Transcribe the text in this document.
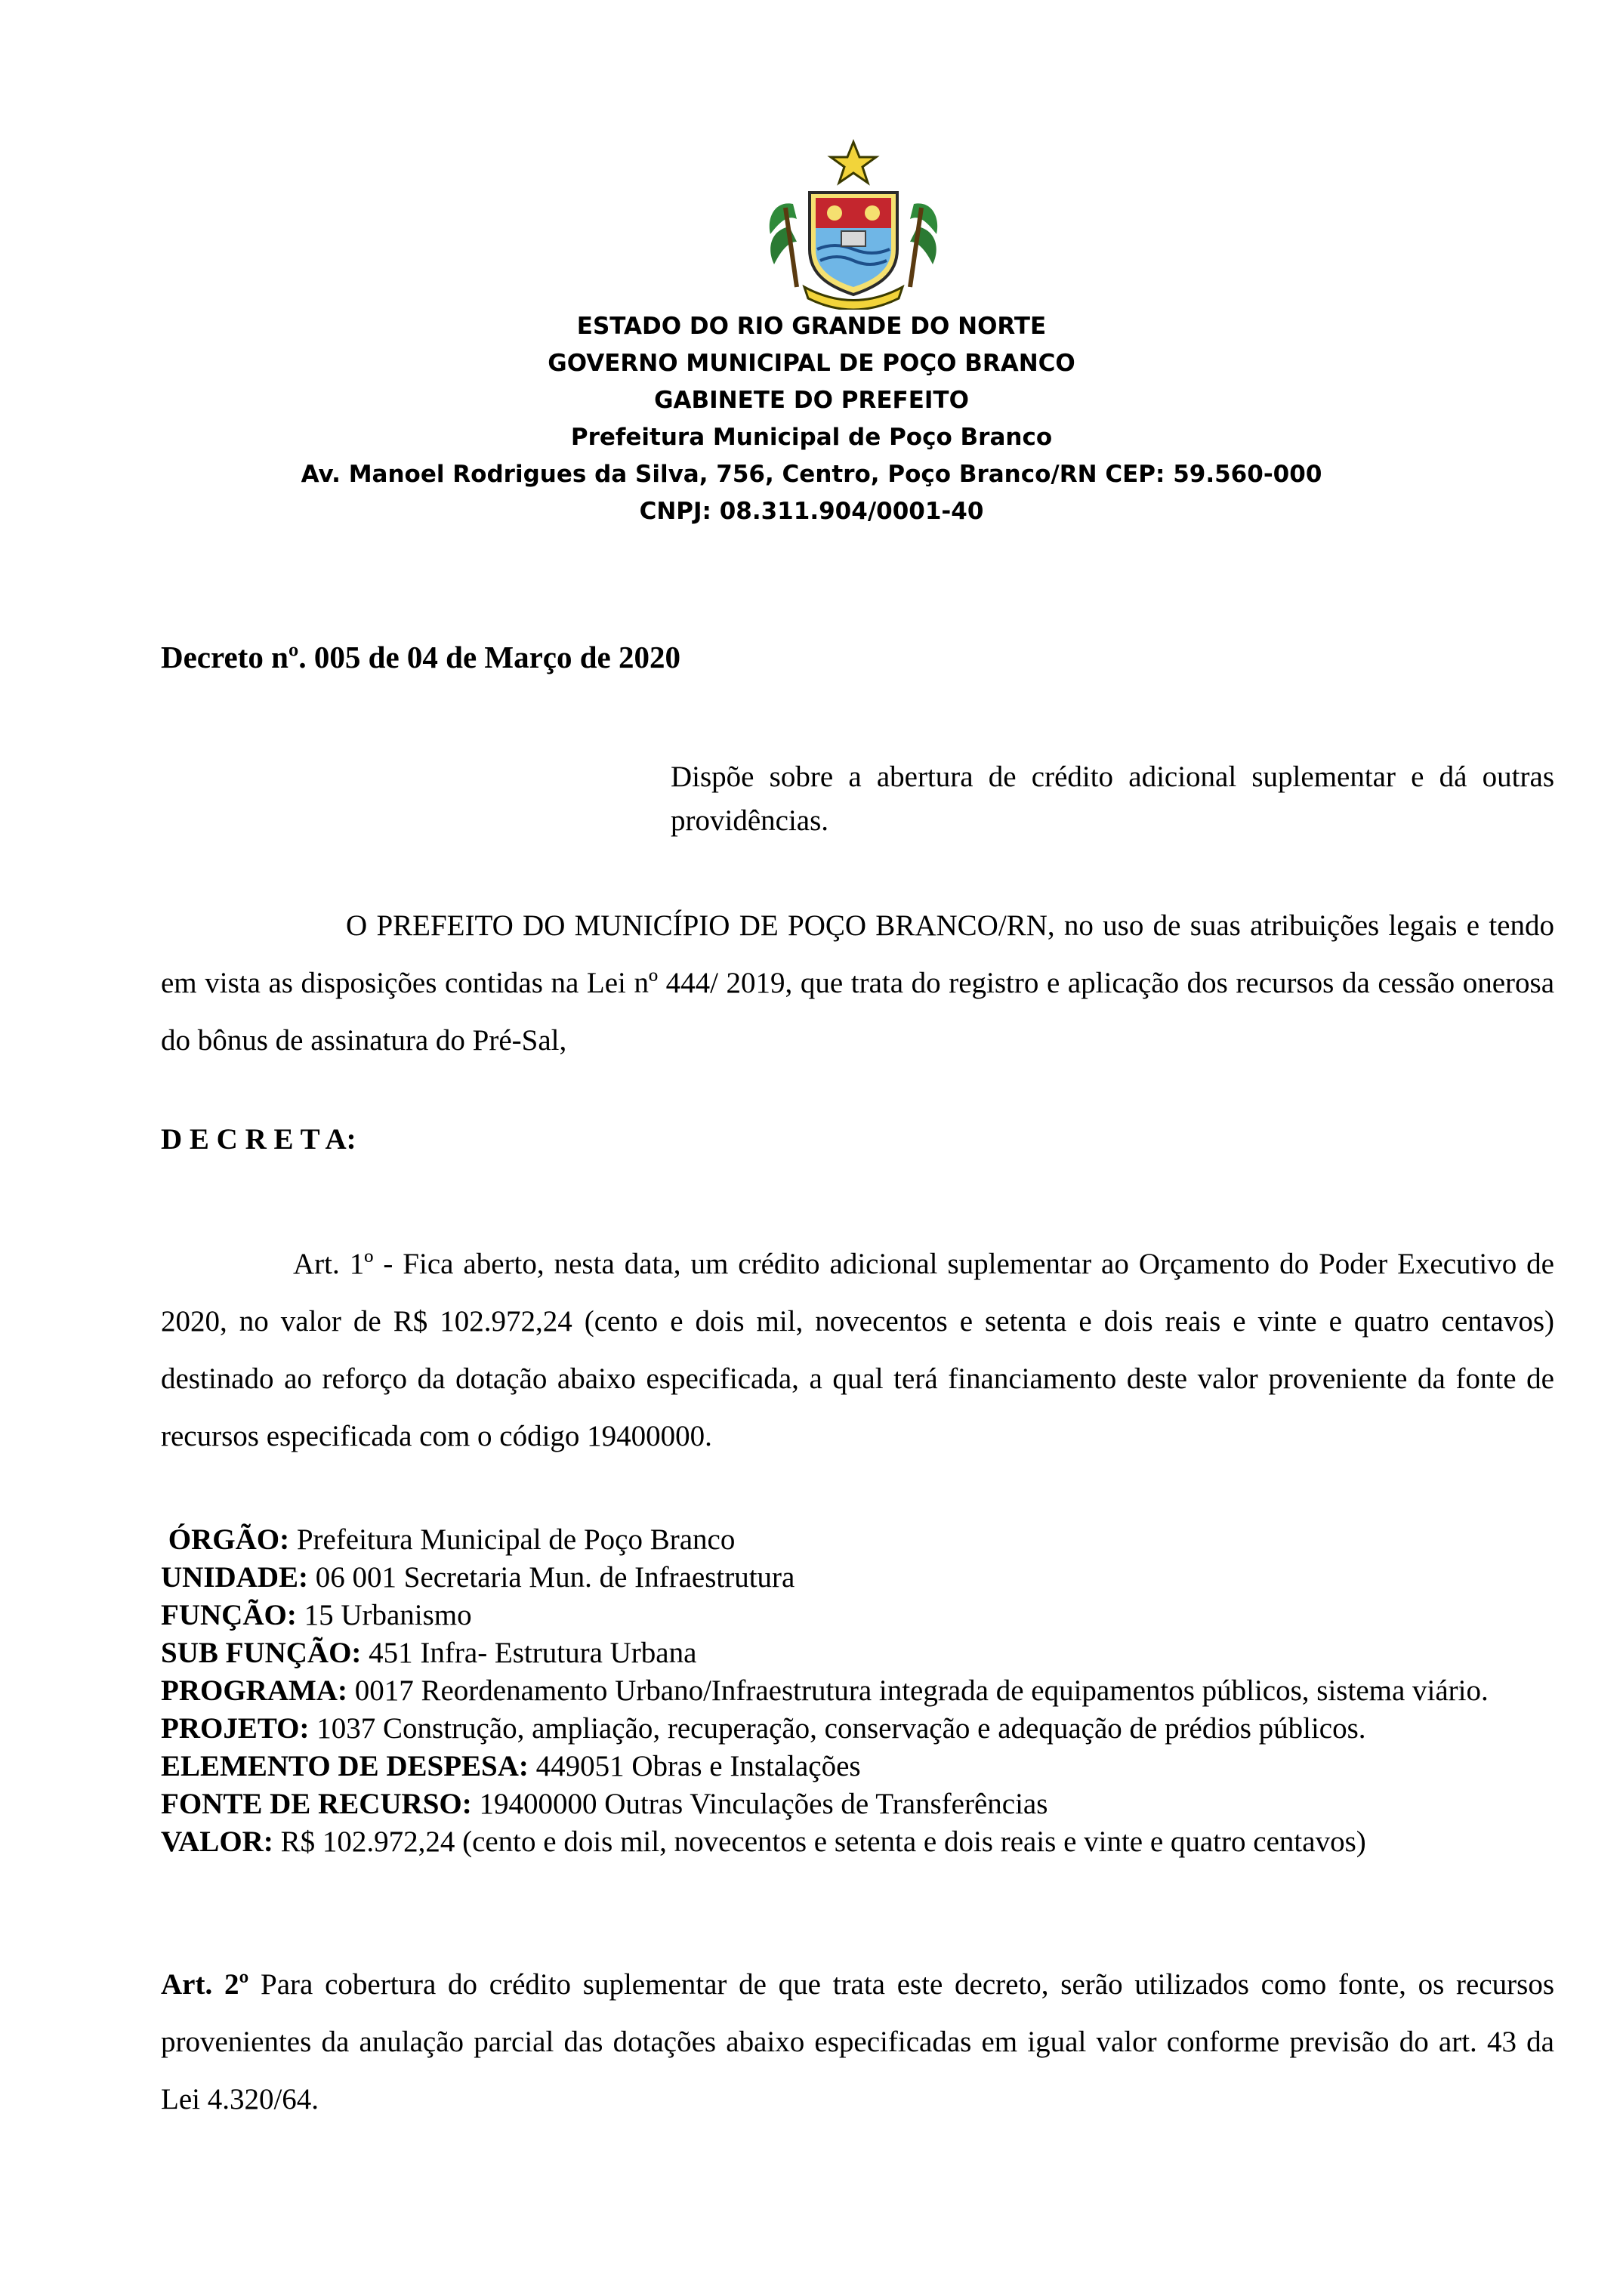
ESTADO DO RIO GRANDE DO NORTE
GOVERNO MUNICIPAL DE POÇO BRANCO
GABINETE DO PREFEITO
Prefeitura Municipal de Poço Branco
Av. Manoel Rodrigues da Silva, 756, Centro, Poço Branco/RN CEP: 59.560-000
CNPJ: 08.311.904/0001-40
Decreto nº. 005 de 04 de Março de 2020
Dispõe sobre a abertura de crédito adicional suplementar e dá outras providências.
O PREFEITO DO MUNICÍPIO DE POÇO BRANCO/RN, no uso de suas atribuições legais e tendo em vista as disposições contidas na Lei nº 444/ 2019, que trata do registro e aplicação dos recursos da cessão onerosa do bônus de assinatura do Pré-Sal,
D E C R E T A:
Art. 1º - Fica aberto, nesta data, um crédito adicional suplementar ao Orçamento do Poder Executivo de 2020, no valor de R$ 102.972,24 (cento e dois mil, novecentos e setenta e dois reais e vinte e quatro centavos) destinado ao reforço da dotação abaixo especificada, a qual terá financiamento deste valor proveniente da fonte de recursos especificada com o código 19400000.
ÓRGÃO: Prefeitura Municipal de Poço Branco
UNIDADE: 06 001 Secretaria Mun. de Infraestrutura
FUNÇÃO: 15 Urbanismo
SUB FUNÇÃO: 451 Infra- Estrutura Urbana
PROGRAMA: 0017 Reordenamento Urbano/Infraestrutura integrada de equipamentos públicos, sistema viário.
PROJETO: 1037 Construção, ampliação, recuperação, conservação e adequação de prédios públicos.
ELEMENTO DE DESPESA: 449051 Obras e Instalações
FONTE DE RECURSO: 19400000 Outras Vinculações de Transferências
VALOR: R$ 102.972,24 (cento e dois mil, novecentos e setenta e dois reais e vinte e quatro centavos)
Art. 2º Para cobertura do crédito suplementar de que trata este decreto, serão utilizados como fonte, os recursos provenientes da anulação parcial das dotações abaixo especificadas em igual valor conforme previsão do art. 43 da Lei 4.320/64.
